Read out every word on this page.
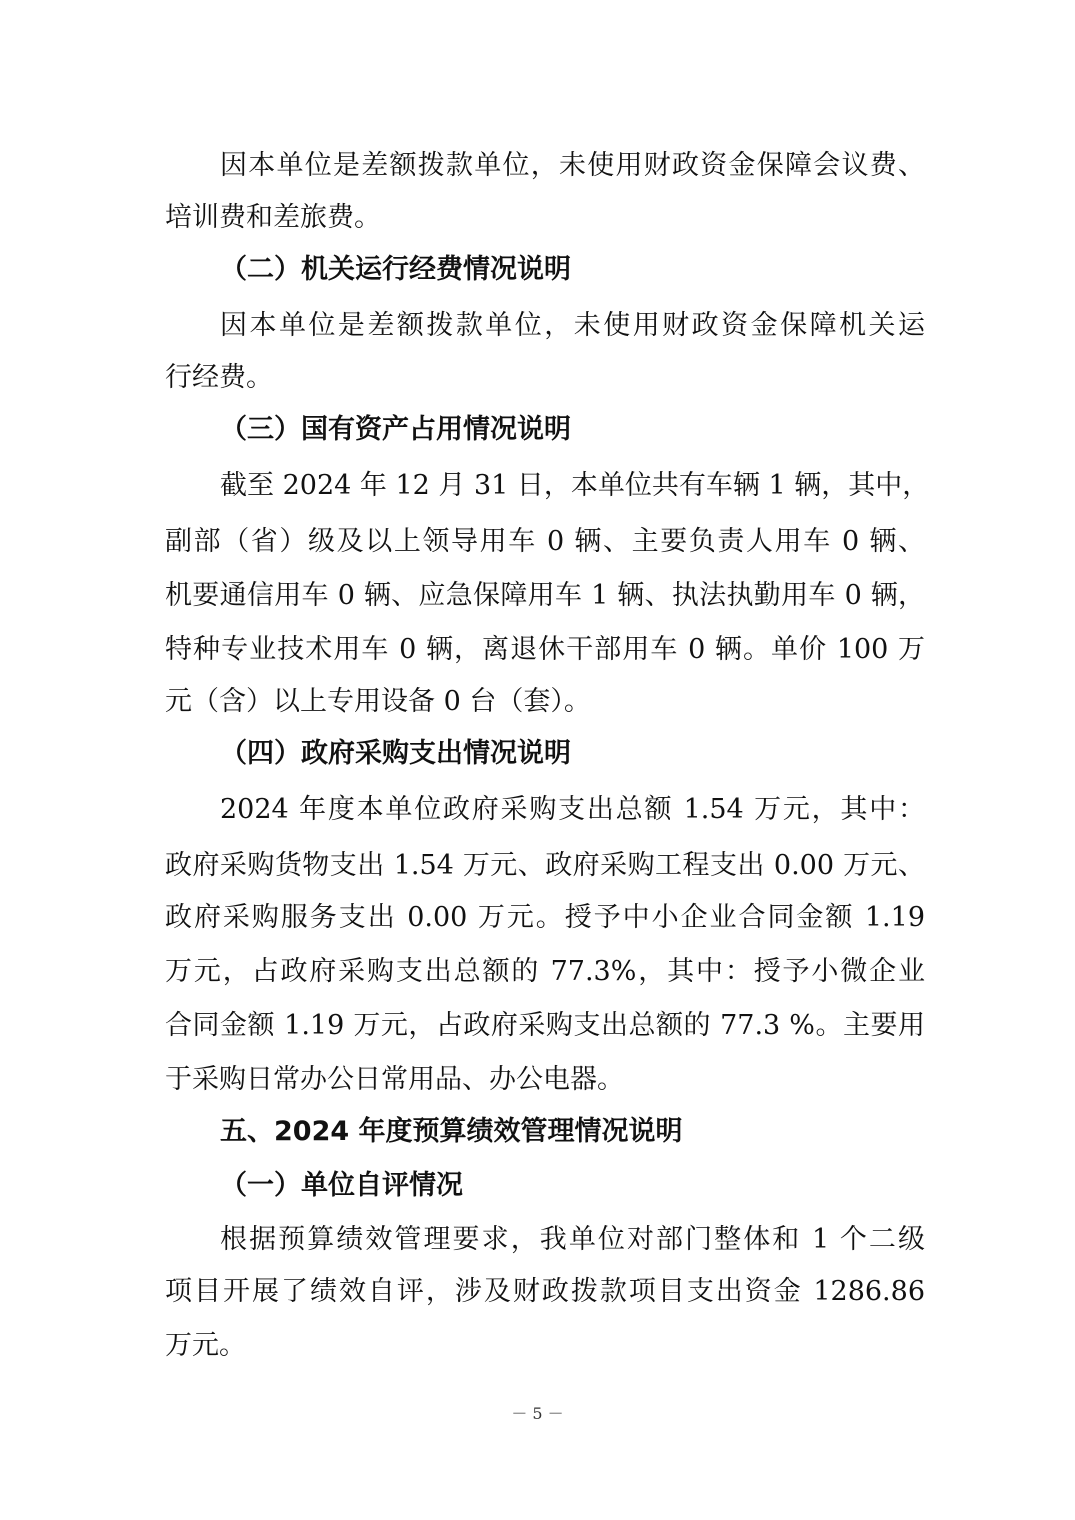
因本单位是差额拨款单位，未使用财政资金保障会议费、
培训费和差旅费。
（二）机关运行经费情况说明
因本单位是差额拨款单位，未使用财政资金保障机关运
行经费。
（三）国有资产占用情况说明
截至 2024 年 12 月 31 日，本单位共有车辆 1 辆，其中，
副部（省）级及以上领导用车 0 辆、主要负责人用车 0 辆、
机要通信用车 0 辆、应急保障用车 1 辆、执法执勤用车 0 辆，
特种专业技术用车 0 辆，离退休干部用车 0 辆。单价 100 万
元（含）以上专用设备 0 台（套）。
（四）政府采购支出情况说明
2024 年度本单位政府采购支出总额 1.54 万元，其中：
政府采购货物支出 1.54 万元、政府采购工程支出 0.00 万元、
政府采购服务支出 0.00 万元。授予中小企业合同金额 1.19
万元，占政府采购支出总额的 77.3%，其中：授予小微企业
合同金额 1.19 万元，占政府采购支出总额的 77.3 %。主要用
于采购日常办公日常用品、办公电器。
五、2024 年度预算绩效管理情况说明
（一）单位自评情况
根据预算绩效管理要求，我单位对部门整体和 1 个二级
项目开展了绩效自评，涉及财政拨款项目支出资金 1286.86
万元。
－ 5 －
